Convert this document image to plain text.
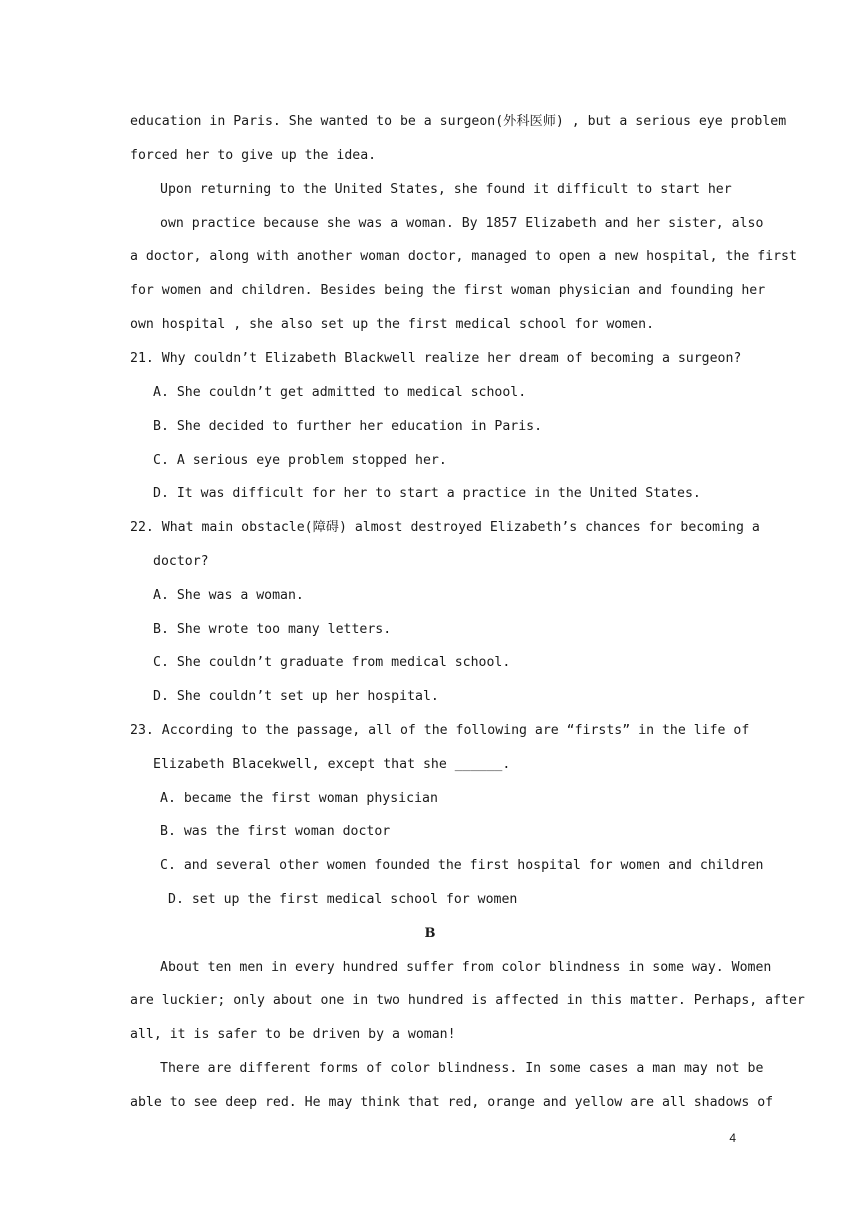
education in Paris. She wanted to be a surgeon(外科医师) , but a serious eye problem
forced her to give up the idea.
Upon returning to the United States, she found it difficult to start her
own practice because she was a woman. By 1857 Elizabeth and her sister, also
a doctor, along with another woman doctor, managed to open a new hospital, the first
for women and children. Besides being the first woman physician and founding her
own hospital , she also set up the first medical school for women.
21. Why couldn’t Elizabeth Blackwell realize her dream of becoming a surgeon?
A. She couldn’t get admitted to medical school.
B. She decided to further her education in Paris.
C. A serious eye problem stopped her.
D. It was difficult for her to start a practice in the United States.
22. What main obstacle(障碍) almost destroyed Elizabeth’s chances for becoming a
doctor?
A. She was a woman.
B. She wrote too many letters.
C. She couldn’t graduate from medical school.
D. She couldn’t set up her hospital.
23. According to the passage, all of the following are “firsts” in the life of
Elizabeth Blacekwell, except that she ______.
A. became the first woman physician
B. was the first woman doctor
C. and several other women founded the first hospital for women and children
D. set up the first medical school for women
B
About ten men in every hundred suffer from color blindness in some way. Women
are luckier; only about one in two hundred is affected in this matter. Perhaps, after
all, it is safer to be driven by a woman!
There are different forms of color blindness. In some cases a man may not be
able to see deep red. He may think that red, orange and yellow are all shadows of
4
